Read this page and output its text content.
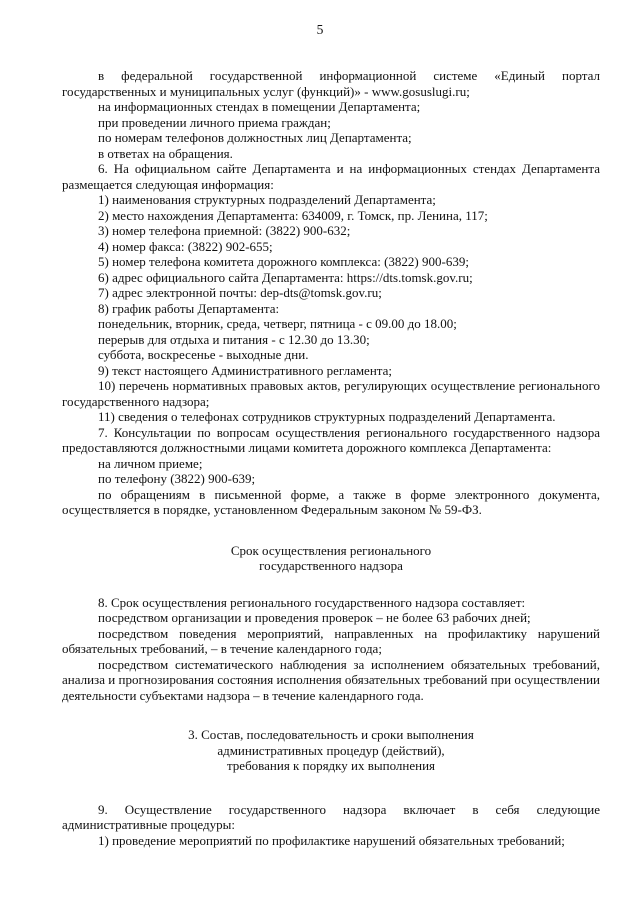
5

в федеральной государственной информационной системе «Единый портал государственных и муниципальных услуг (функций)» - www.gosuslugi.ru;

на информационных стендах в помещении Департамента;

при проведении личного приема граждан;

по номерам телефонов должностных лиц Департамента;

в ответах на обращения.

6. На официальном сайте Департамента и на информационных стендах Департамента размещается следующая информация:

1) наименования структурных подразделений Департамента;

2) место нахождения Департамента: 634009, г. Томск, пр. Ленина, 117;

3) номер телефона приемной: (3822) 900-632;

4) номер факса: (3822) 902-655;

5) номер телефона комитета дорожного комплекса: (3822) 900-639;

6) адрес официального сайта Департамента: https://dts.tomsk.gov.ru;

7) адрес электронной почты: dep-dts@tomsk.gov.ru;

8) график работы Департамента:

понедельник, вторник, среда, четверг, пятница - с 09.00 до 18.00;

перерыв для отдыха и питания - с 12.30 до 13.30;

суббота, воскресенье - выходные дни.

9) текст настоящего Административного регламента;

10) перечень нормативных правовых актов, регулирующих осуществление регионального государственного надзора;

11) сведения о телефонах сотрудников структурных подразделений Департамента.

7. Консультации по вопросам осуществления регионального государственного надзора предоставляются должностными лицами комитета дорожного комплекса Департамента:

на личном приеме;

по телефону (3822) 900-639;

по обращениям в письменной форме, а также в форме электронного документа, осуществляется в порядке, установленном Федеральным законом № 59-ФЗ.

Срок осуществления регионального

государственного надзора

8. Срок осуществления регионального государственного надзора составляет:

посредством организации и проведения проверок – не более 63 рабочих дней;

посредством поведения мероприятий, направленных на профилактику нарушений обязательных требований, – в течение календарного года;

посредством систематического наблюдения за исполнением обязательных требований, анализа и прогнозирования состояния исполнения обязательных требований при осуществлении деятельности субъектами надзора – в течение календарного года.

3. Состав, последовательность и сроки выполнения

административных процедур (действий),

требования к порядку их выполнения

9. Осуществление государственного надзора включает в себя следующие административные процедуры:

1) проведение мероприятий по профилактике нарушений обязательных требований;
